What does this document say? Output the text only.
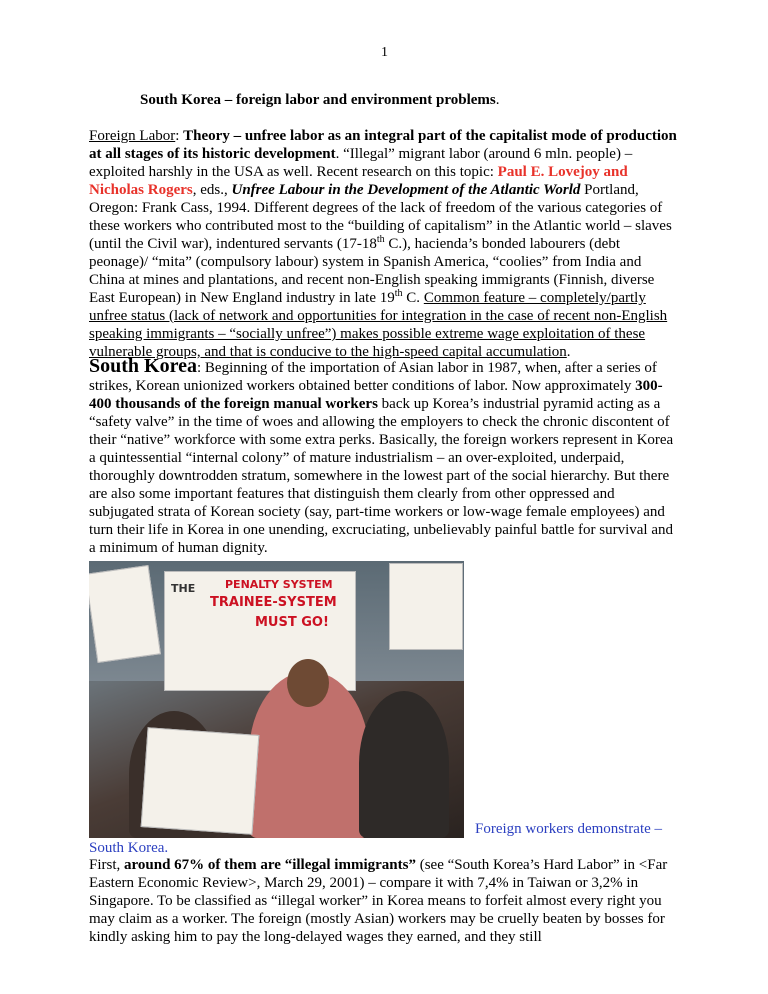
1
South Korea – foreign labor and environment problems.
Foreign Labor: Theory – unfree labor as an integral part of the capitalist mode of production at all stages of its historic development. “Illegal” migrant labor (around 6 mln. people) – exploited harshly in the USA as well. Recent research on this topic: Paul E. Lovejoy and Nicholas Rogers, eds., Unfree Labour in the Development of the Atlantic World Portland, Oregon: Frank Cass, 1994. Different degrees of the lack of freedom of the various categories of these workers who contributed most to the “building of capitalism” in the Atlantic world – slaves (until the Civil war), indentured servants (17-18th C.), hacienda’s bonded labourers (debt peonage)/ “mita” (compulsory labour) system in Spanish America, “coolies” from India and China at mines and plantations, and recent non-English speaking immigrants (Finnish, diverse East European) in New England industry in late 19th C. Common feature – completely/partly unfree status (lack of network and opportunities for integration in the case of recent non-English speaking immigrants – “socially unfree”) makes possible extreme wage exploitation of these vulnerable groups, and that is conducive to the high-speed capital accumulation.
South Korea: Beginning of the importation of Asian labor in 1987, when, after a series of strikes, Korean unionized workers obtained better conditions of labor. Now approximately 300-400 thousands of the foreign manual workers back up Korea’s industrial pyramid acting as a “safety valve” in the time of woes and allowing the employers to check the chronic discontent of their “native” workforce with some extra perks. Basically, the foreign workers represent in Korea a quintessential “internal colony” of mature industrialism – an over-exploited, underpaid, thoroughly downtrodden stratum, somewhere in the lowest part of the social hierarchy. But there are also some important features that distinguish them clearly from other oppressed and subjugated strata of Korean society (say, part-time workers or low-wage female employees) and turn their life in Korea in one unending, excruciating, unbelievably painful battle for survival and a minimum of human dignity.
THE	PENALTY SYSTEM
TRAINEE-SYSTEM
MUST GO!
Foreign workers demonstrate –
South Korea.
First, around 67% of them are “illegal immigrants” (see “South Korea’s Hard Labor” in <Far Eastern Economic Review>, March 29, 2001) – compare it with 7,4% in Taiwan or 3,2% in Singapore. To be classified as “illegal worker” in Korea means to forfeit almost every right you may claim as a worker. The foreign (mostly Asian) workers may be cruelly beaten by bosses for kindly asking him to pay the long-delayed wages they earned, and they still
